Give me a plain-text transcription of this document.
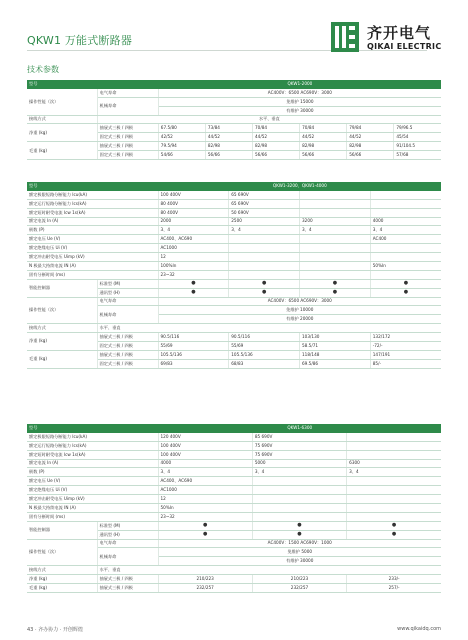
QKW1 万能式断路器	齐开电气
QIKAI ELECTRIC
技术参数
型号		QKW1-2000					
操作性能（次）	电气寿命	AC400V：6500 AC690V：3000					
	机械寿命	免维护 15000					
		有维护 30000					
接线方式	水平、垂直						
净重 (kg)	抽屉式三极 / 四极	67.5/80	73/84	70/84	70/84	79/84	79/96.5
	固定式三极 / 四极	42/52	44/52	44/52	44/52	44/52	45/54
毛重 (kg)	抽屉式三极 / 四极	79.5/94	82/98	82/98	82/98	82/98	91/104.5
	固定式三极 / 四极	54/66	56/66	56/66	56/66	56/66	57/68
型号		QKW1-3200、QKW1-4000			
额定极限短路分断能力 Icu(kA)		100 400V	65 690V		
额定运行短路分断能力 Ics(kA)		80 400V	65 690V		
额定短时耐受电流 Icw 1s(kA)		80 400V	50 690V		
额定电流 In (A)		2000	2500	3200	4000
极数 (P)		3、4	3、4	3、4	3、4
额定电压 Ue (V)		AC400、AC690			AC400
额定绝缘电压 Ui (V)		AC1000			
额定冲击耐受电压 Uimp (kV)		12			
N 极最大持续电流 IN (A)		100%In			50%In
固有分断时间 (ms)		23~32			
智能控制器	标准型 (M)	●	●	●	●
	通讯型 (H)	●	●	●	●
操作性能（次）	电气寿命	AC400V：6500 AC690V：3000			
	机械寿命	免维护 10000			
		有维护 20000			
接线方式	水平、垂直				
净重 (kg)	抽屉式三极 / 四极	90.5/116	90.5/116	103/130	132/172
	固定式三极 / 四极	55/69	55/69	58.5/71	-72/-
毛重 (kg)	抽屉式三极 / 四极	105.5/136	105.5/136	118/148	147/191
	固定式三极 / 四极	69/83	68/83	69.5/86	85/-
型号		QKW1-6300		
额定极限短路分断能力 Icu(kA)		120 400V	85 690V	
额定运行短路分断能力 Ics(kA)		100 400V	75 690V	
额定短时耐受电流 Icw 1s(kA)		100 400V	75 690V	
额定电流 In (A)		4000	5000	6300
极数 (P)		3、4	3、4	3、4
额定电压 Ue (V)		AC400、AC690		
额定绝缘电压 Ui (V)		AC1000		
额定冲击耐受电压 Uimp (kV)		12		
N 极最大持续电流 IN (A)		50%In		
固有分断时间 (ms)		23~32		
智能控制器	标准型 (M)	●	●	●
	通讯型 (H)	●	●	●
操作性能（次）	电气寿命	AC400V：1500 AC690V：1000		
	机械寿命	免维护 5000		
		有维护 30000		
接线方式	水平、垂直			
净重 (kg)	抽屉式三极 / 四极	210/223	210/223	233/-
毛重 (kg)	抽屉式三极 / 四极	232/257	232/257	257/-
43 · 齐办协力 · 开创辉煌	www.qikaidq.com
